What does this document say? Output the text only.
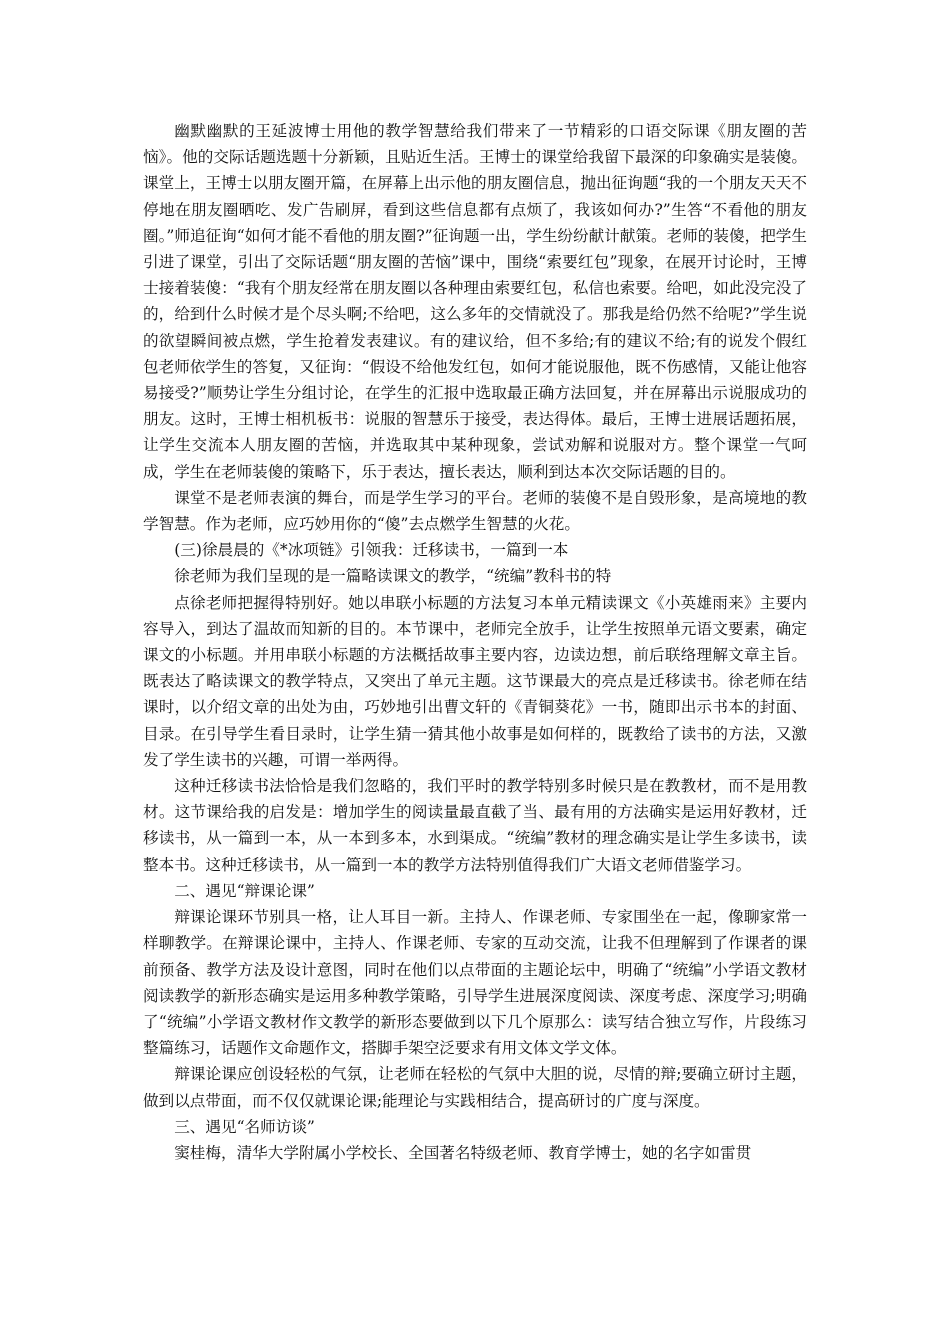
幽默幽默的王延波博士用他的教学智慧给我们带来了一节精彩的口语交际课《朋友圈的苦恼》。他的交际话题选题十分新颖，且贴近生活。王博士的课堂给我留下最深的印象确实是装傻。课堂上，王博士以朋友圈开篇，在屏幕上出示他的朋友圈信息，抛出征询题“我的一个朋友天天不停地在朋友圈晒吃、发广告刷屏，看到这些信息都有点烦了，我该如何办?”生答“不看他的朋友圈。”师追征询“如何才能不看他的朋友圈?”征询题一出，学生纷纷献计献策。老师的装傻，把学生引进了课堂，引出了交际话题“朋友圈的苦恼”课中，围绕“索要红包”现象，在展开讨论时，王博士接着装傻：“我有个朋友经常在朋友圈以各种理由索要红包，私信也索要。给吧，如此没完没了的，给到什么时候才是个尽头啊;不给吧，这么多年的交情就没了。那我是给仍然不给呢?”学生说的欲望瞬间被点燃，学生抢着发表建议。有的建议给，但不多给;有的建议不给;有的说发个假红包老师依学生的答复，又征询：“假设不给他发红包，如何才能说服他，既不伤感情，又能让他容易接受?”顺势让学生分组讨论，在学生的汇报中选取最正确方法回复，并在屏幕出示说服成功的朋友。这时，王博士相机板书：说服的智慧乐于接受，表达得体。最后，王博士进展话题拓展，让学生交流本人朋友圈的苦恼，并选取其中某种现象，尝试劝解和说服对方。整个课堂一气呵成，学生在老师装傻的策略下，乐于表达，擅长表达，顺利到达本次交际话题的目的。

课堂不是老师表演的舞台，而是学生学习的平台。老师的装傻不是自毁形象，是高境地的教学智慧。作为老师，应巧妙用你的“傻”去点燃学生智慧的火花。

(三)徐晨晨的《*冰项链》引领我：迁移读书，一篇到一本

徐老师为我们呈现的是一篇略读课文的教学，“统编”教科书的特

点徐老师把握得特别好。她以串联小标题的方法复习本单元精读课文《小英雄雨来》主要内容导入，到达了温故而知新的目的。本节课中，老师完全放手，让学生按照单元语文要素，确定课文的小标题。并用串联小标题的方法概括故事主要内容，边读边想，前后联络理解文章主旨。既表达了略读课文的教学特点，又突出了单元主题。这节课最大的亮点是迁移读书。徐老师在结课时，以介绍文章的出处为由，巧妙地引出曹文轩的《青铜葵花》一书，随即出示书本的封面、目录。在引导学生看目录时，让学生猜一猜其他小故事是如何样的，既教给了读书的方法，又激发了学生读书的兴趣，可谓一举两得。

这种迁移读书法恰恰是我们忽略的，我们平时的教学特别多时候只是在教教材，而不是用教材。这节课给我的启发是：增加学生的阅读量最直截了当、最有用的方法确实是运用好教材，迁移读书，从一篇到一本，从一本到多本，水到渠成。“统编”教材的理念确实是让学生多读书，读整本书。这种迁移读书，从一篇到一本的教学方法特别值得我们广大语文老师借鉴学习。

二、遇见“辩课论课”

辩课论课环节别具一格，让人耳目一新。主持人、作课老师、专家围坐在一起，像聊家常一样聊教学。在辩课论课中，主持人、作课老师、专家的互动交流，让我不但理解到了作课者的课前预备、教学方法及设计意图，同时在他们以点带面的主题论坛中，明确了“统编”小学语文教材阅读教学的新形态确实是运用多种教学策略，引导学生进展深度阅读、深度考虑、深度学习;明确了“统编”小学语文教材作文教学的新形态要做到以下几个原那么：读写结合独立写作，片段练习整篇练习，话题作文命题作文，搭脚手架空泛要求有用文体文学文体。

辩课论课应创设轻松的气氛，让老师在轻松的气氛中大胆的说，尽情的辩;要确立研讨主题，做到以点带面，而不仅仅就课论课;能理论与实践相结合，提高研讨的广度与深度。

三、遇见“名师访谈”

窦桂梅，清华大学附属小学校长、全国著名特级老师、教育学博士，她的名字如雷贯
